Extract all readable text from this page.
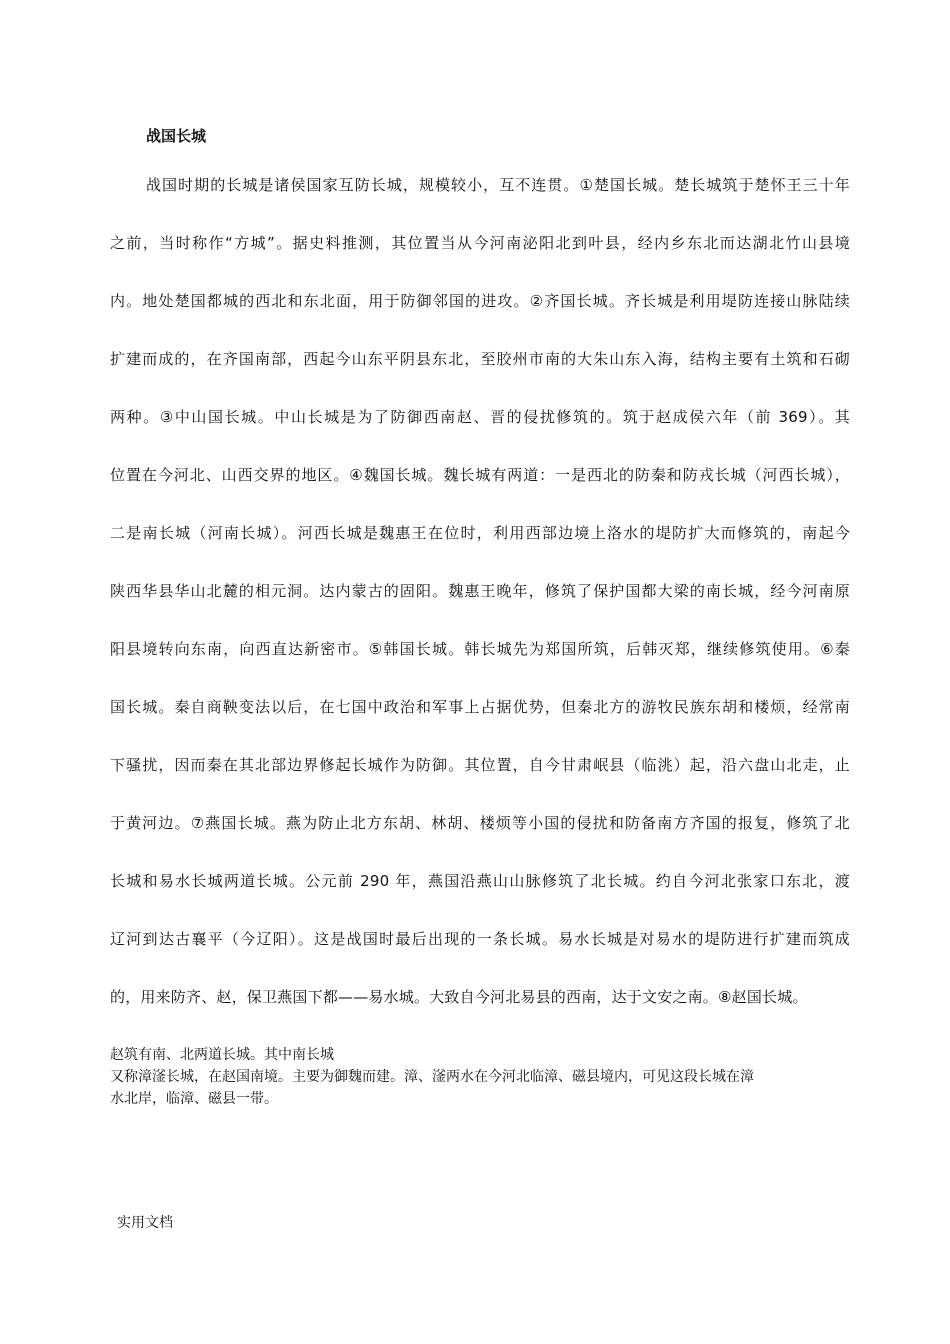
战国长城
战国时期的长城是诸侯国家互防长城，规模较小，互不连贯。①楚国长城。楚长城筑于楚怀王三十年
之前，当时称作“方城”。据史料推测，其位置当从今河南泌阳北到叶县，经内乡东北而达湖北竹山县境
内。地处楚国都城的西北和东北面，用于防御邻国的进攻。②齐国长城。齐长城是利用堤防连接山脉陆续
扩建而成的，在齐国南部，西起今山东平阴县东北，至胶州市南的大朱山东入海，结构主要有土筑和石砌
两种。③中山国长城。中山长城是为了防御西南赵、晋的侵扰修筑的。筑于赵成侯六年（前 369）。其
位置在今河北、山西交界的地区。④魏国长城。魏长城有两道：一是西北的防秦和防戎长城（河西长城），
二是南长城（河南长城）。河西长城是魏惠王在位时，利用西部边境上洛水的堤防扩大而修筑的，南起今
陕西华县华山北麓的相元洞。达内蒙古的固阳。魏惠王晚年，修筑了保护国都大梁的南长城，经今河南原
阳县境转向东南，向西直达新密市。⑤韩国长城。韩长城先为郑国所筑，后韩灭郑，继续修筑使用。⑥秦
国长城。秦自商鞅变法以后，在七国中政治和军事上占据优势，但秦北方的游牧民族东胡和楼烦，经常南
下骚扰，因而秦在其北部边界修起长城作为防御。其位置，自今甘肃岷县（临洮）起，沿六盘山北走，止
于黄河边。⑦燕国长城。燕为防止北方东胡、林胡、楼烦等小国的侵扰和防备南方齐国的报复，修筑了北
长城和易水长城两道长城。公元前 290 年，燕国沿燕山山脉修筑了北长城。约自今河北张家口东北，渡
辽河到达古襄平（今辽阳）。这是战国时最后出现的一条长城。易水长城是对易水的堤防进行扩建而筑成
的，用来防齐、赵，保卫燕国下都——易水城。大致自今河北易县的西南，达于文安之南。⑧赵国长城。
赵筑有南、北两道长城。其中南长城
又称漳滏长城，在赵国南境。主要为御魏而建。漳、滏两水在今河北临漳、磁县境内，可见这段长城在漳
水北岸，临漳、磁县一带。
实用文档
